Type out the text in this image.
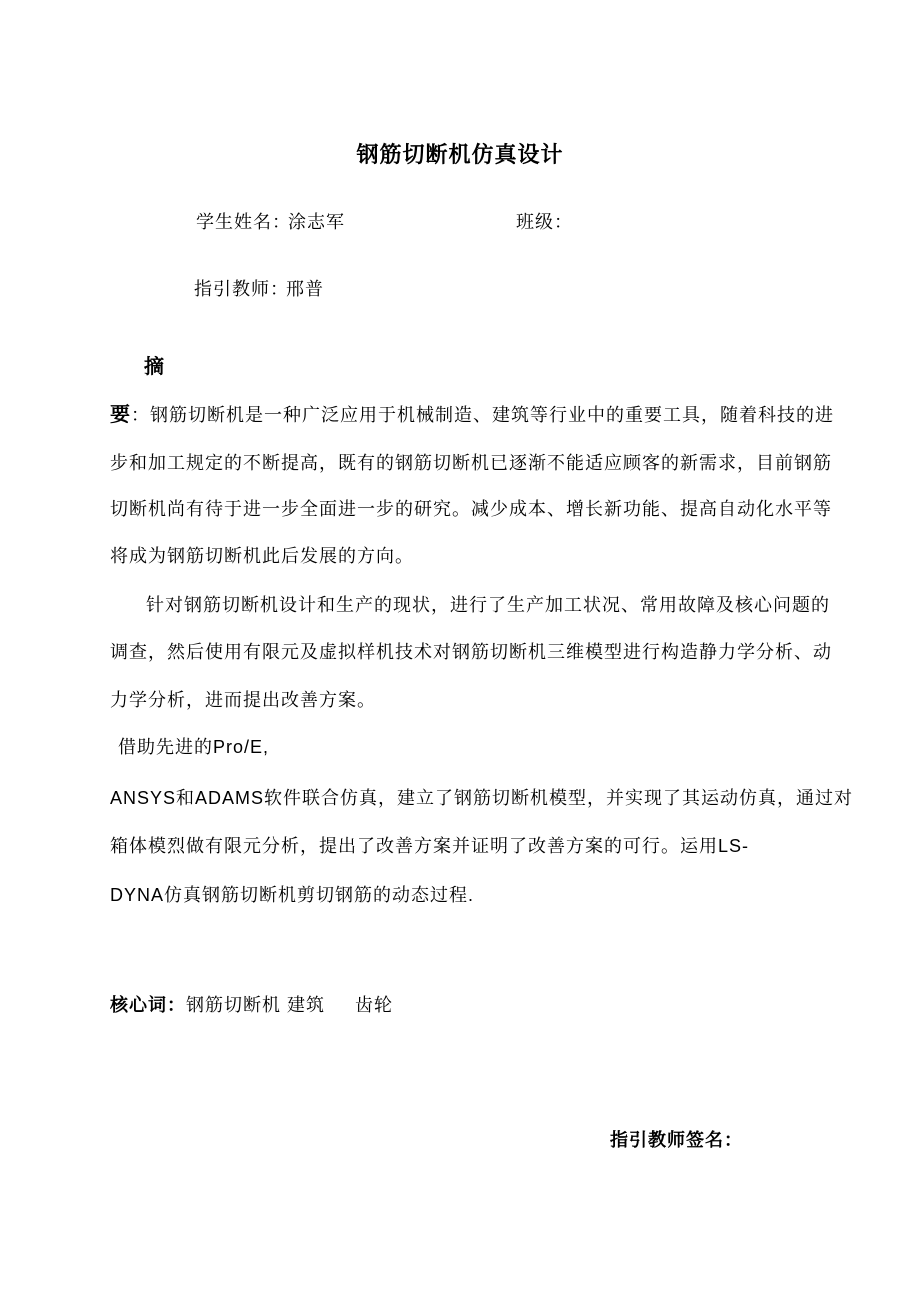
钢筋切断机仿真设计
学生姓名：
涂志军	班级：
指引教师：
邢普
摘
要：钢筋切断机是一种广泛应用于机械制造、建筑等行业中的重要工具，随着科技的进
步和加工规定的不断提高，既有的钢筋切断机已逐渐不能适应顾客的新需求，目前钢筋
切断机尚有待于进一步全面进一步的研究。减少成本、增长新功能、提高自动化水平等
将成为钢筋切断机此后发展的方向。
针对钢筋切断机设计和生产的现状，进行了生产加工状况、常用故障及核心问题的
调查，然后使用有限元及虚拟样机技术对钢筋切断机三维模型进行构造静力学分析、动
力学分析，进而提出改善方案。
借助先进的Pro/E,
ANSYS和ADAMS软件联合仿真，建立了钢筋切断机模型，并实现了其运动仿真，通过对
箱体模烈做有限元分析，提出了改善方案并证明了改善方案的可行。运用LS-
DYNA仿真钢筋切断机剪切钢筋的动态过程.
核心词：钢筋切断机 建筑 齿轮
指引教师签名：
